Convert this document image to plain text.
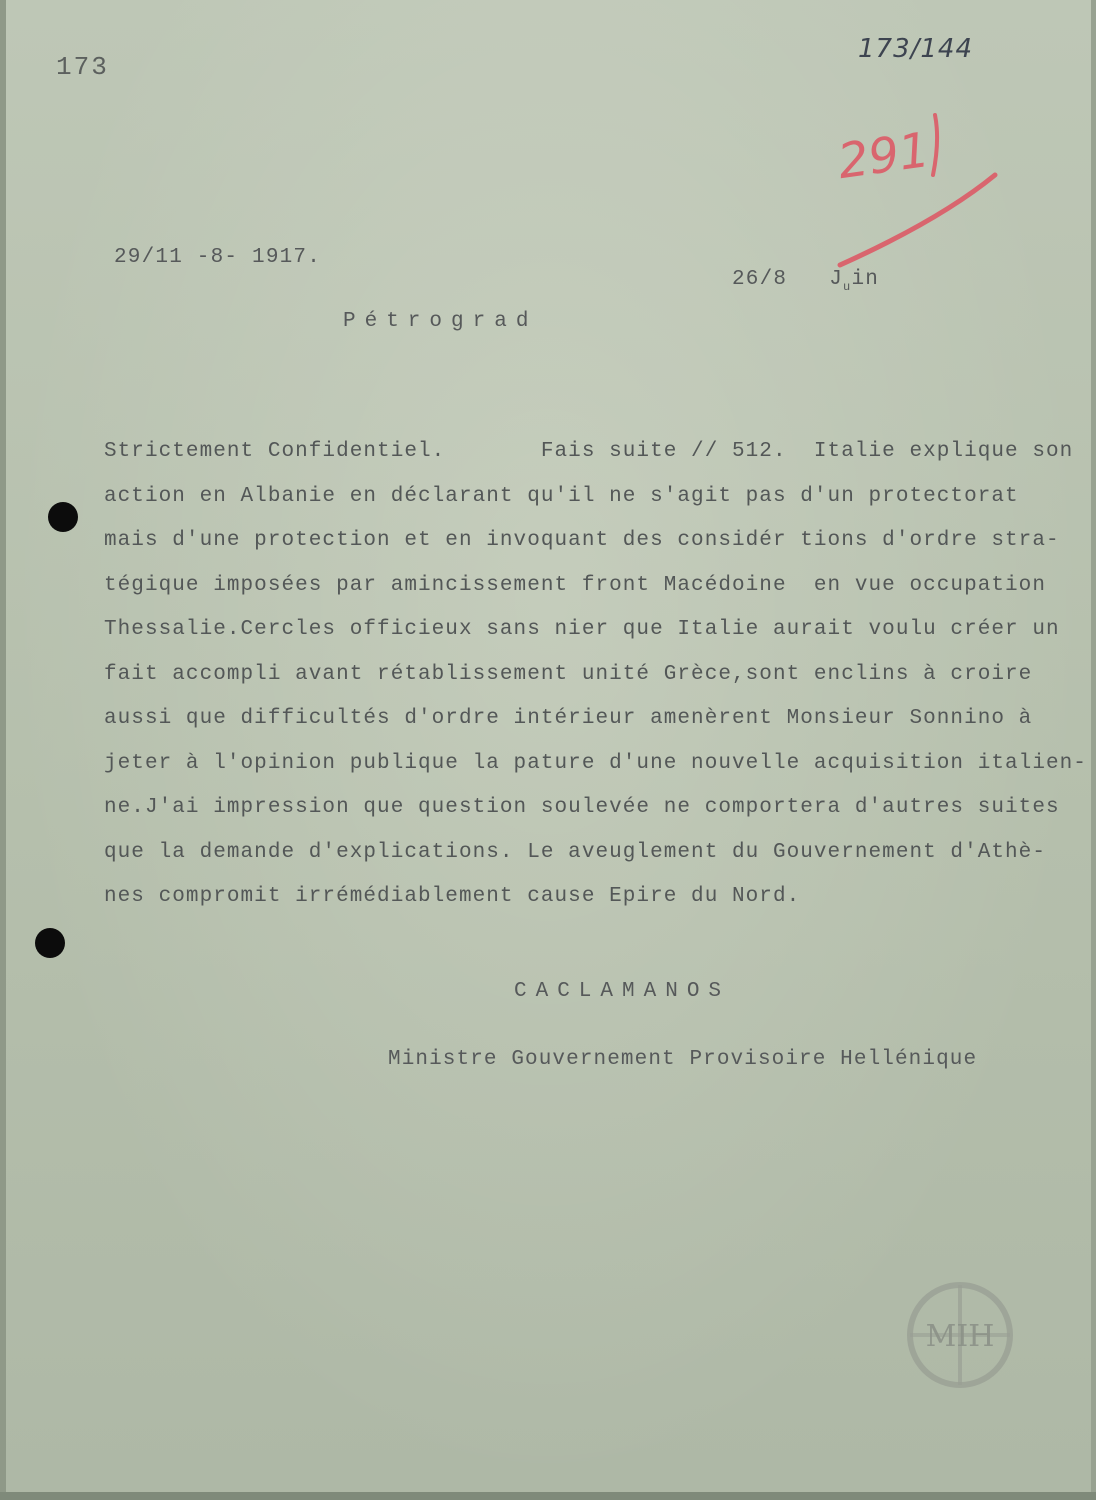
173
173/144
291
29/11 -8- 1917.
26/8 $J_uin$
Pétrograd
Strictement Confidentiel.       Fais suite // 512.  Italie explique son
action en Albanie en déclarant qu'il ne s'agit pas d'un protectorat
mais d'une protection et en invoquant des considér tions d'ordre stra-
tégique imposées par amincissement front Macédoine  en vue occupation
Thessalie.Cercles officieux sans nier que Italie aurait voulu créer un
fait accompli avant rétablissement unité Grèce,sont enclins à croire
aussi que difficultés d'ordre intérieur amenèrent Monsieur Sonnino à
jeter à l'opinion publique la pature d'une nouvelle acquisition italien-
ne.J'ai impression que question soulevée ne comportera d'autres suites
que la demande d'explications. Le aveuglement du Gouvernement d'Athè-
nes compromit irrémédiablement cause Epire du Nord.
CACLAMANOS
Ministre Gouvernement Provisoire Hellénique
MIH
